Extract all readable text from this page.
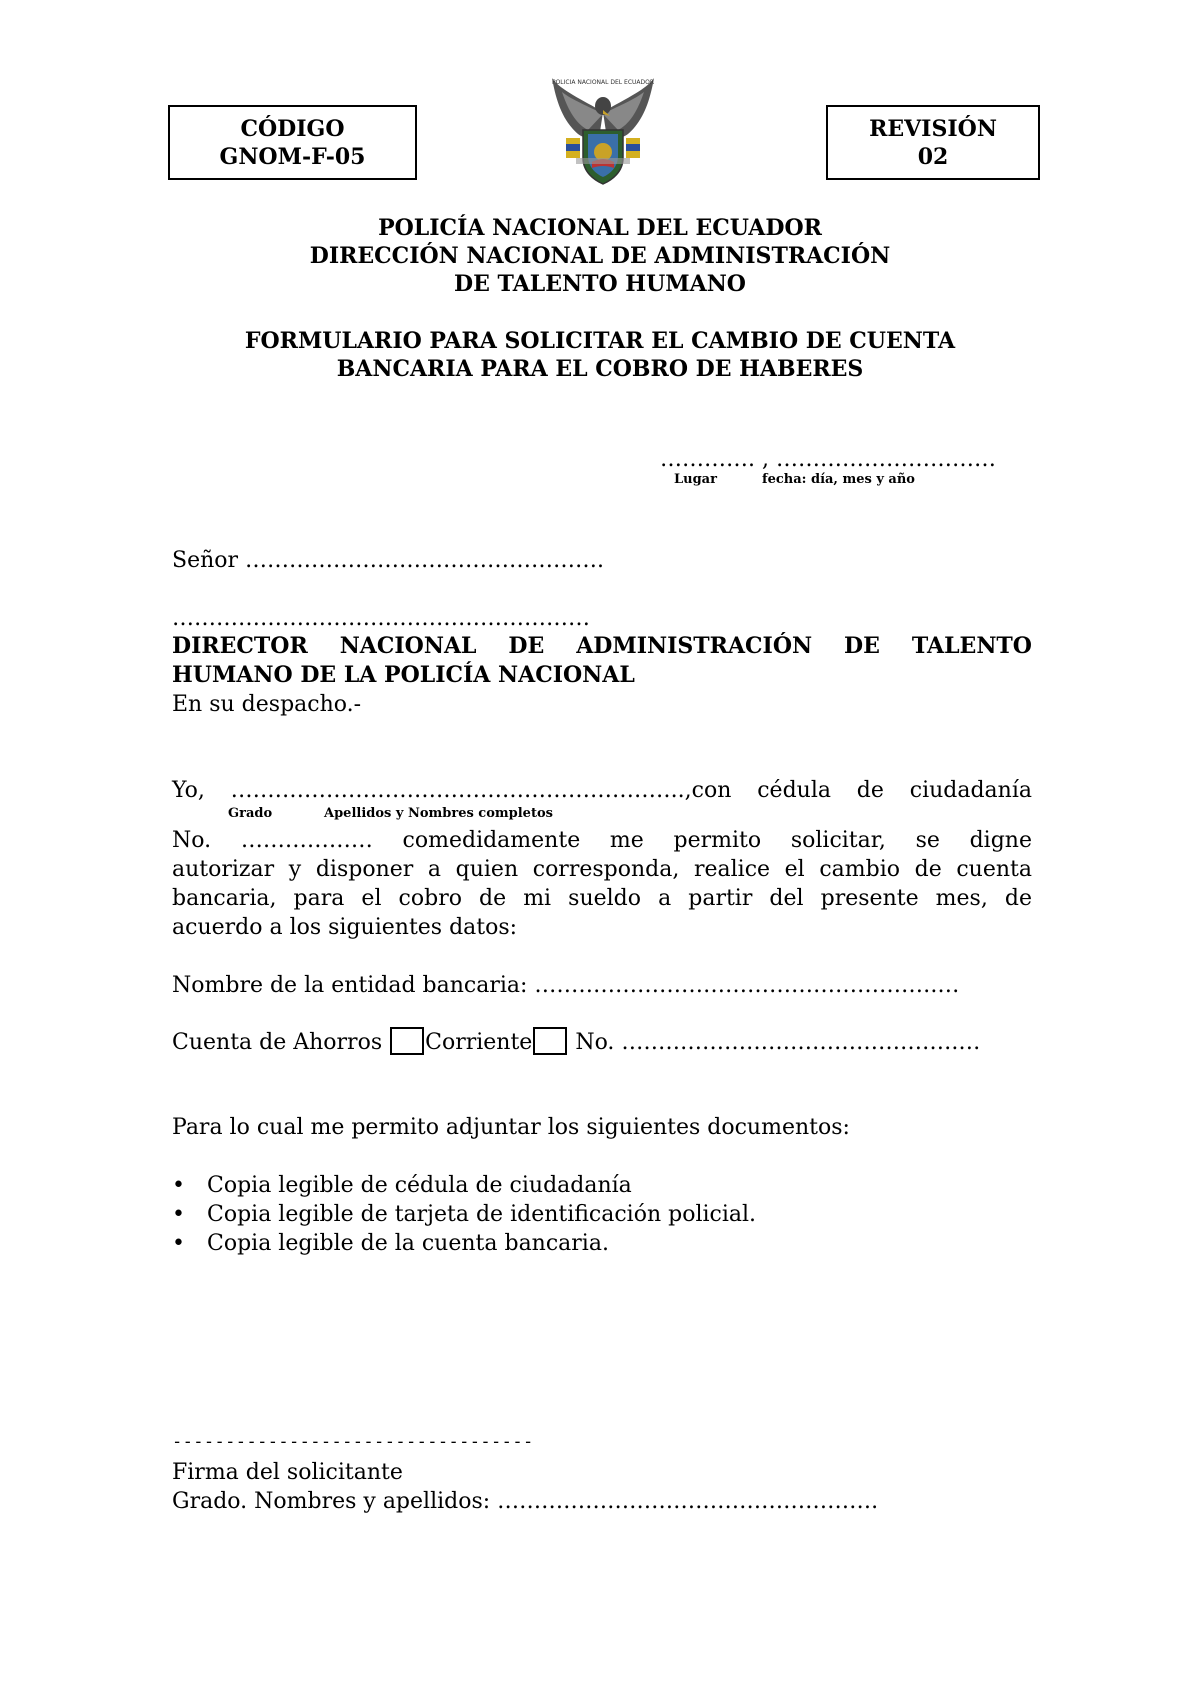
CÓDIGO
GNOM-F-05
REVISIÓN
02
POLICIA NACIONAL DEL ECUADOR
POLICÍA NACIONAL DEL ECUADOR
DIRECCIÓN NACIONAL DE ADMINISTRACIÓN
DE TALENTO HUMANO
FORMULARIO PARA SOLICITAR EL CAMBIO DE CUENTA
BANCARIA PARA EL COBRO DE HABERES
…………. , …………………………
Lugar	fecha: día, mes y año
Señor ………………………………………….
…………………………………………………
DIRECTOR NACIONAL DE ADMINISTRACIÓN DE TALENTO
HUMANO DE LA POLICÍA NACIONAL
En su despacho.-
Yo, ……………………………………………………..,con cédula de ciudadanía
Grado	Apellidos y Nombres completos
No. ……………… comedidamente me permito solicitar, se digne
autorizar y disponer a quien corresponda, realice el cambio de cuenta
bancaria, para el cobro de mi sueldo a partir del presente mes, de
acuerdo a los siguientes datos:
Nombre de la entidad bancaria: ……………………………………………….…
Cuenta de Ahorros Corriente No. ……………………………………….…
Para lo cual me permito adjuntar los siguientes documentos:
• Copia legible de cédula de ciudadanía
• Copia legible de tarjeta de identificación policial.
• Copia legible de la cuenta bancaria.
----------------------------------
Firma del solicitante
Grado. Nombres y apellidos: …………………………………………….
